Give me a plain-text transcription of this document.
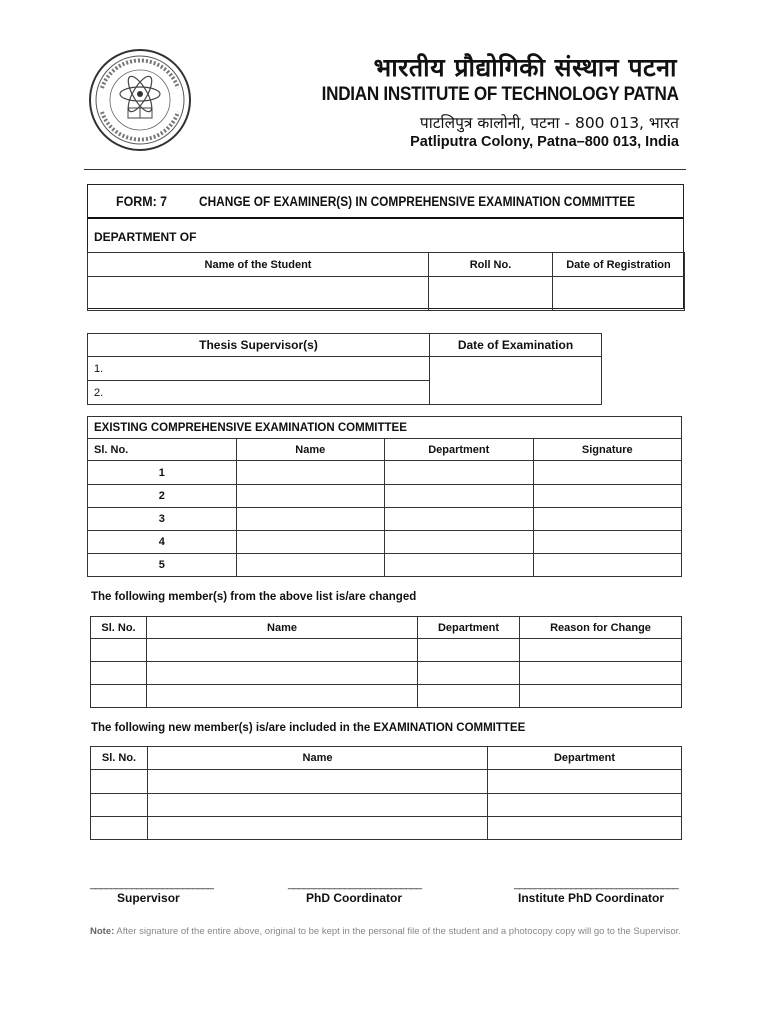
भारतीय प्रौद्योगिकी संस्थान पटना
INDIAN INSTITUTE OF TECHNOLOGY PATNA
पाटलिपुत्र कालोनी, पटना - 800 013, भारत
Patliputra Colony, Patna–800 013, India
FORM: 7 CHANGE OF EXAMINER(S) IN COMPREHENSIVE EXAMINATION COMMITTEE
DEPARTMENT OF
Name of the Student	Roll No.	Date of Registration

Thesis Supervisor(s)	Date of Examination
1.	
2.	
EXISTING COMPREHENSIVE EXAMINATION COMMITTEE			
Sl. No.	Name	Department	Signature
1			
2			
3			
4			
5			
The following member(s) from the above list is/are changed
Sl. No.	Name	Department	Reason for Change

The following new member(s) is/are included in the EXAMINATION COMMITTEE
Sl. No.	Name	Department

________________________
Supervisor
__________________________
PhD Coordinator
________________________________
Institute PhD Coordinator
Note: After signature of the entire above, original to be kept in the personal file of the student and a photocopy copy will go to the Supervisor.
